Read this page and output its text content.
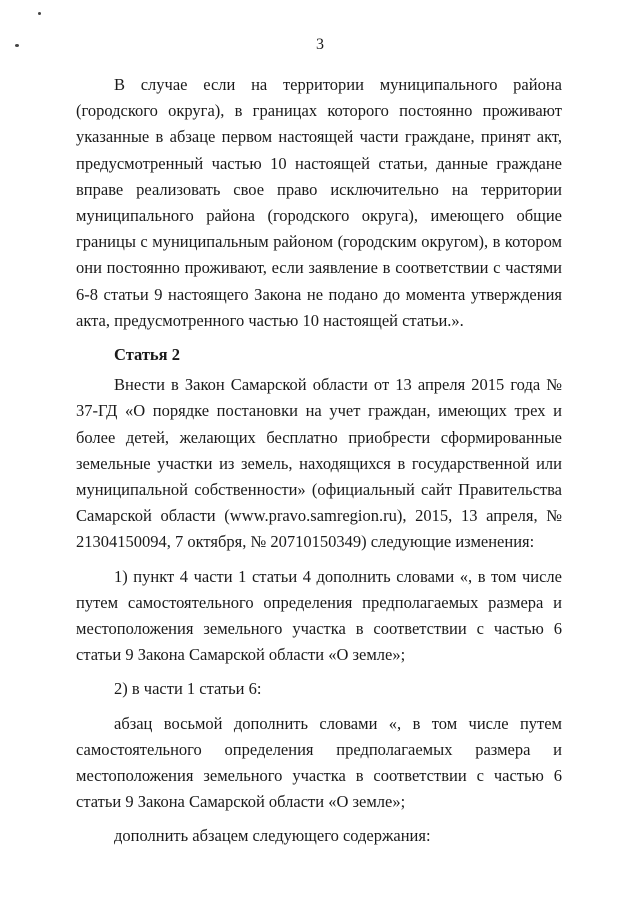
3

В случае если на территории муниципального района (городского округа), в границах которого постоянно проживают указанные в абзаце первом настоящей части граждане, принят акт, предусмотренный частью 10 настоящей статьи, данные граждане вправе реализовать свое право исключительно на территории муниципального района (городского округа), имеющего общие границы с муниципальным районом (городским округом), в котором они постоянно проживают, если заявление в соответствии с частями 6-8 статьи 9 настоящего Закона не подано до момента утверждения акта, предусмотренного частью 10 настоящей статьи.».

Статья 2

Внести в Закон Самарской области от 13 апреля 2015 года № 37-ГД «О порядке постановки на учет граждан, имеющих трех и более детей, желающих бесплатно приобрести сформированные земельные участки из земель, находящихся в государственной или муниципальной собственности» (официальный сайт Правительства Самарской области (www.pravo.samregion.ru), 2015, 13 апреля, № 21304150094, 7 октября, № 20710150349) следующие изменения:

1) пункт 4 части 1 статьи 4 дополнить словами «, в том числе путем самостоятельного определения предполагаемых размера и местоположения земельного участка в соответствии с частью 6 статьи 9 Закона Самарской области «О земле»;

2) в части 1 статьи 6:

абзац восьмой дополнить словами «, в том числе путем самостоятельного определения предполагаемых размера и местоположения земельного участка в соответствии с частью 6 статьи 9 Закона Самарской области «О земле»;

дополнить абзацем следующего содержания:
